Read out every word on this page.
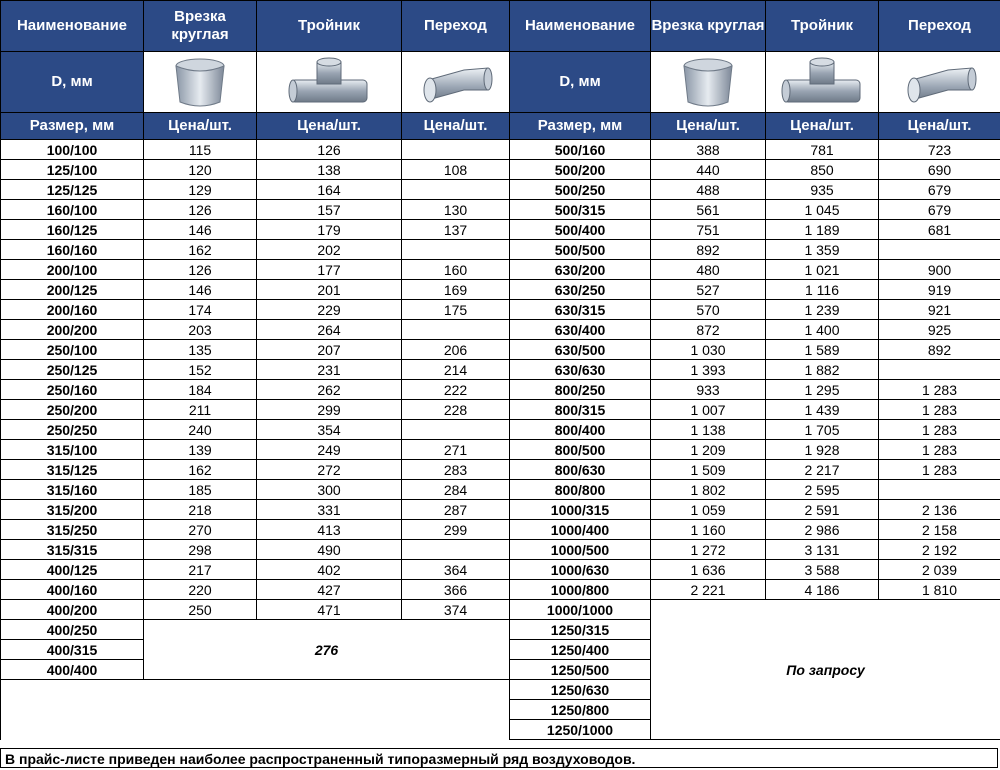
Наименование	Врезка круглая	Тройник	Переход	Наименование	Врезка круглая	Тройник	Переход
D, мм				D, мм	

Размер, мм	Цена/шт.	Цена/шт.	Цена/шт.	Размер, мм	Цена/шт.	Цена/шт.	Цена/шт.
100/100	115	126		500/160	388	781	723
125/100	120	138	108	500/200	440	850	690
125/125	129	164		500/250	488	935	679
160/100	126	157	130	500/315	561	1 045	679
160/125	146	179	137	500/400	751	1 189	681
160/160	162	202		500/500	892	1 359	
200/100	126	177	160	630/200	480	1 021	900
200/125	146	201	169	630/250	527	1 116	919
200/160	174	229	175	630/315	570	1 239	921
200/200	203	264		630/400	872	1 400	925
250/100	135	207	206	630/500	1 030	1 589	892
250/125	152	231	214	630/630	1 393	1 882	
250/160	184	262	222	800/250	933	1 295	1 283
250/200	211	299	228	800/315	1 007	1 439	1 283
250/250	240	354		800/400	1 138	1 705	1 283
315/100	139	249	271	800/500	1 209	1 928	1 283
315/125	162	272	283	800/630	1 509	2 217	1 283
315/160	185	300	284	800/800	1 802	2 595	
315/200	218	331	287	1000/315	1 059	2 591	2 136
315/250	270	413	299	1000/400	1 160	2 986	2 158
315/315	298	490		1000/500	1 272	3 131	2 192
400/125	217	402	364	1000/630	1 636	3 588	2 039
400/160	220	427	366	1000/800	2 221	4 186	1 810
400/200	250	471	374	1000/1000	По запросу		
400/250	276			1250/315			
400/315				1250/400			
400/400				1250/500			
				1250/630			
				1250/800			
				1250/1000			
В прайс-листе приведен наиболее распространенный типоразмерный ряд воздуховодов.
